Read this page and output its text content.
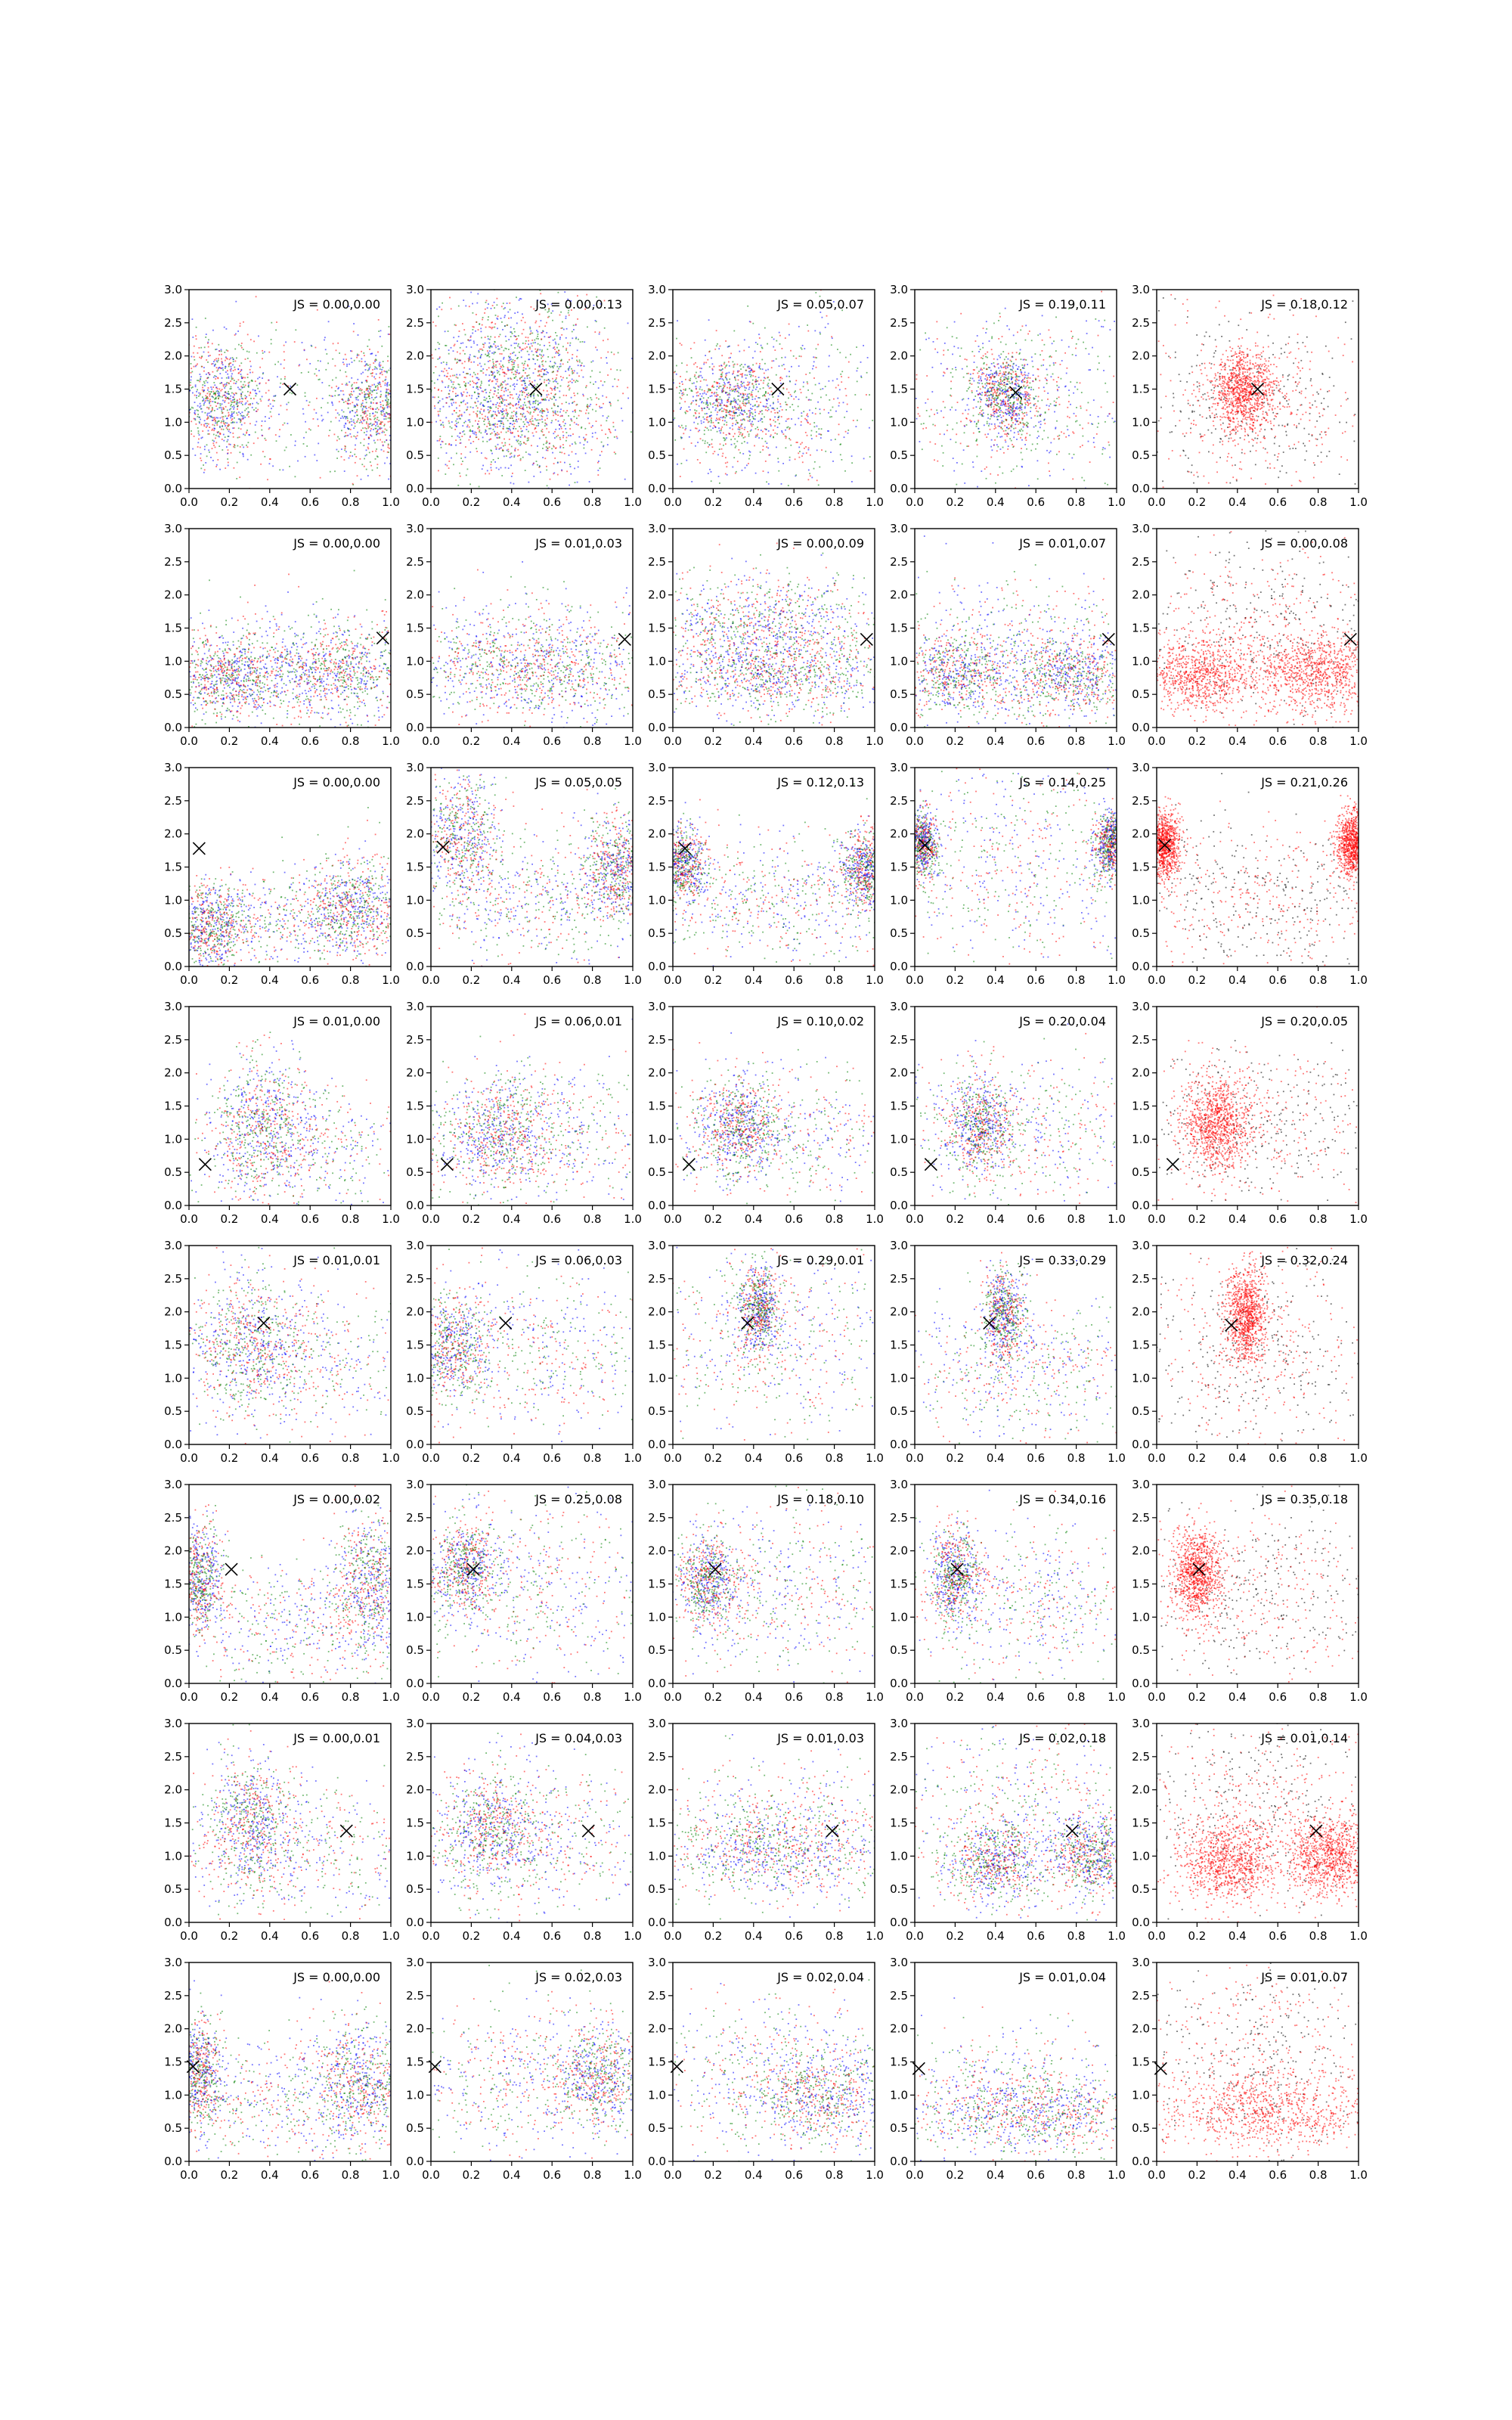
0.0 0.2 0.4 0.6 0.8 1.0
0.0
0.5
1.0
1.5
2.0
2.5
3.0
JS = 0.00,0.00
0.0 0.2 0.4 0.6 0.8 1.0
0.0
0.5
1.0
1.5
2.0
2.5
3.0
JS = 0.00,0.13
0.0 0.2 0.4 0.6 0.8 1.0
0.0
0.5
1.0
1.5
2.0
2.5
3.0
JS = 0.05,0.07
0.0 0.2 0.4 0.6 0.8 1.0
0.0
0.5
1.0
1.5
2.0
2.5
3.0
JS = 0.19,0.11
0.0 0.2 0.4 0.6 0.8 1.0
0.0
0.5
1.0
1.5
2.0
2.5
3.0
JS = 0.18,0.12
0.0 0.2 0.4 0.6 0.8 1.0
0.0
0.5
1.0
1.5
2.0
2.5
3.0
JS = 0.00,0.00
0.0 0.2 0.4 0.6 0.8 1.0
0.0
0.5
1.0
1.5
2.0
2.5
3.0
JS = 0.01,0.03
0.0 0.2 0.4 0.6 0.8 1.0
0.0
0.5
1.0
1.5
2.0
2.5
3.0
JS = 0.00,0.09
0.0 0.2 0.4 0.6 0.8 1.0
0.0
0.5
1.0
1.5
2.0
2.5
3.0
JS = 0.01,0.07
0.0 0.2 0.4 0.6 0.8 1.0
0.0
0.5
1.0
1.5
2.0
2.5
3.0
JS = 0.00,0.08
0.0 0.2 0.4 0.6 0.8 1.0
0.0
0.5
1.0
1.5
2.0
2.5
3.0
JS = 0.00,0.00
0.0 0.2 0.4 0.6 0.8 1.0
0.0
0.5
1.0
1.5
2.0
2.5
3.0
JS = 0.05,0.05
0.0 0.2 0.4 0.6 0.8 1.0
0.0
0.5
1.0
1.5
2.0
2.5
3.0
JS = 0.12,0.13
0.0 0.2 0.4 0.6 0.8 1.0
0.0
0.5
1.0
1.5
2.0
2.5
3.0
JS = 0.14,0.25
0.0 0.2 0.4 0.6 0.8 1.0
0.0
0.5
1.0
1.5
2.0
2.5
3.0
JS = 0.21,0.26
0.0 0.2 0.4 0.6 0.8 1.0
0.0
0.5
1.0
1.5
2.0
2.5
3.0
JS = 0.01,0.00
0.0 0.2 0.4 0.6 0.8 1.0
0.0
0.5
1.0
1.5
2.0
2.5
3.0
JS = 0.06,0.01
0.0 0.2 0.4 0.6 0.8 1.0
0.0
0.5
1.0
1.5
2.0
2.5
3.0
JS = 0.10,0.02
0.0 0.2 0.4 0.6 0.8 1.0
0.0
0.5
1.0
1.5
2.0
2.5
3.0
JS = 0.20,0.04
0.0 0.2 0.4 0.6 0.8 1.0
0.0
0.5
1.0
1.5
2.0
2.5
3.0
JS = 0.20,0.05
0.0 0.2 0.4 0.6 0.8 1.0
0.0
0.5
1.0
1.5
2.0
2.5
3.0
JS = 0.01,0.01
0.0 0.2 0.4 0.6 0.8 1.0
0.0
0.5
1.0
1.5
2.0
2.5
3.0
JS = 0.06,0.03
0.0 0.2 0.4 0.6 0.8 1.0
0.0
0.5
1.0
1.5
2.0
2.5
3.0
JS = 0.29,0.01
0.0 0.2 0.4 0.6 0.8 1.0
0.0
0.5
1.0
1.5
2.0
2.5
3.0
JS = 0.33,0.29
0.0 0.2 0.4 0.6 0.8 1.0
0.0
0.5
1.0
1.5
2.0
2.5
3.0
JS = 0.32,0.24
0.0 0.2 0.4 0.6 0.8 1.0
0.0
0.5
1.0
1.5
2.0
2.5
3.0
JS = 0.00,0.02
0.0 0.2 0.4 0.6 0.8 1.0
0.0
0.5
1.0
1.5
2.0
2.5
3.0
JS = 0.25,0.08
0.0 0.2 0.4 0.6 0.8 1.0
0.0
0.5
1.0
1.5
2.0
2.5
3.0
JS = 0.18,0.10
0.0 0.2 0.4 0.6 0.8 1.0
0.0
0.5
1.0
1.5
2.0
2.5
3.0
JS = 0.34,0.16
0.0 0.2 0.4 0.6 0.8 1.0
0.0
0.5
1.0
1.5
2.0
2.5
3.0
JS = 0.35,0.18
0.0 0.2 0.4 0.6 0.8 1.0
0.0
0.5
1.0
1.5
2.0
2.5
3.0
JS = 0.00,0.01
0.0 0.2 0.4 0.6 0.8 1.0
0.0
0.5
1.0
1.5
2.0
2.5
3.0
JS = 0.04,0.03
0.0 0.2 0.4 0.6 0.8 1.0
0.0
0.5
1.0
1.5
2.0
2.5
3.0
JS = 0.01,0.03
0.0 0.2 0.4 0.6 0.8 1.0
0.0
0.5
1.0
1.5
2.0
2.5
3.0
JS = 0.02,0.18
0.0 0.2 0.4 0.6 0.8 1.0
0.0
0.5
1.0
1.5
2.0
2.5
3.0
JS = 0.01,0.14
0.0 0.2 0.4 0.6 0.8 1.0
0.0
0.5
1.0
1.5
2.0
2.5
3.0
JS = 0.00,0.00
0.0 0.2 0.4 0.6 0.8 1.0
0.0
0.5
1.0
1.5
2.0
2.5
3.0
JS = 0.02,0.03
0.0 0.2 0.4 0.6 0.8 1.0
0.0
0.5
1.0
1.5
2.0
2.5
3.0
JS = 0.02,0.04
0.0 0.2 0.4 0.6 0.8 1.0
0.0
0.5
1.0
1.5
2.0
2.5
3.0
JS = 0.01,0.04
0.0 0.2 0.4 0.6 0.8 1.0
0.0
0.5
1.0
1.5
2.0
2.5
3.0
JS = 0.01,0.07
